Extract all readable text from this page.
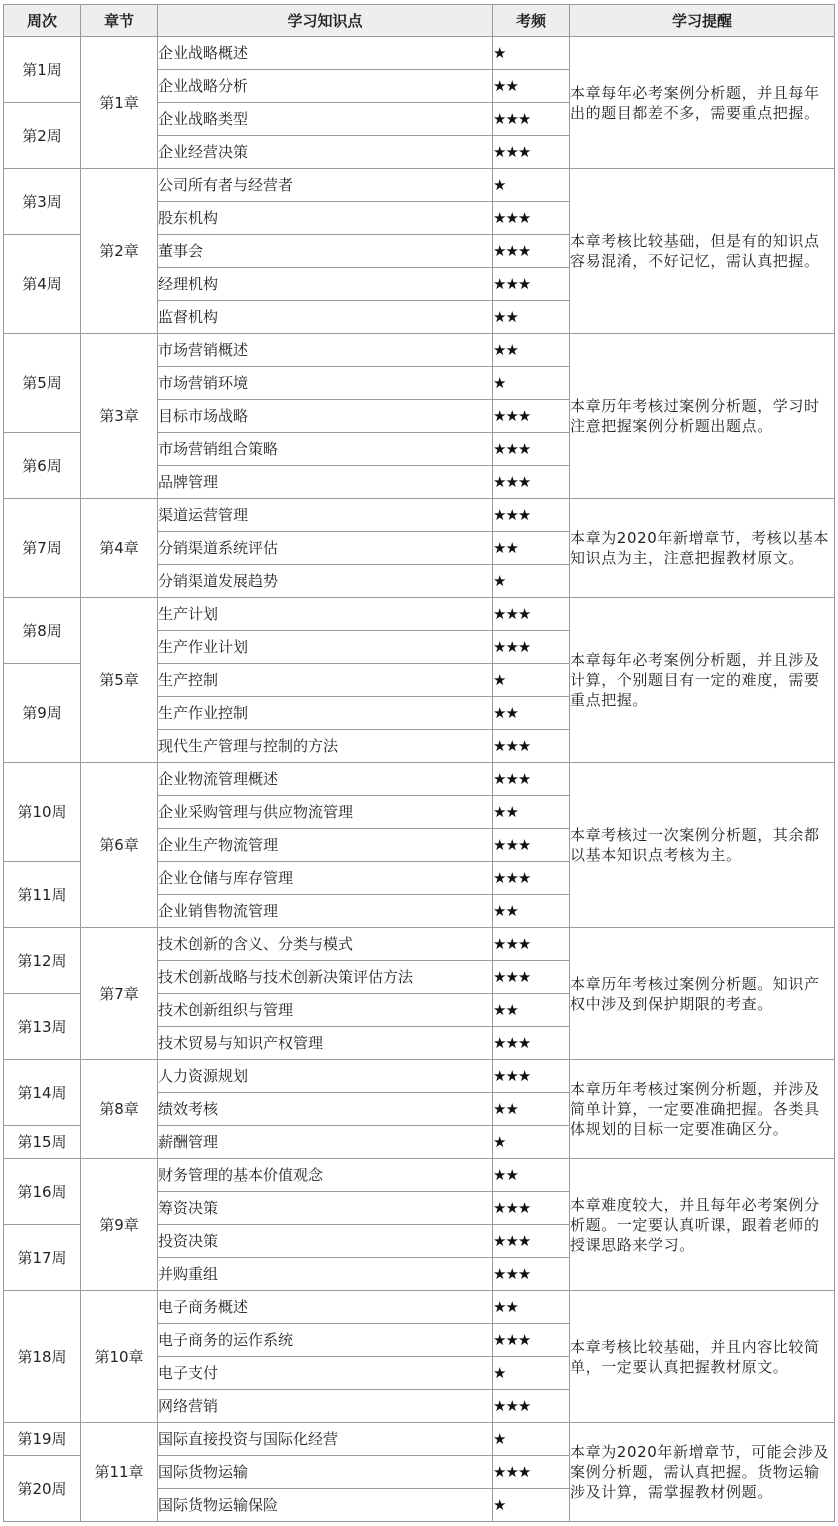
周次	章节	学习知识点	考频	学习提醒
第1周	第1章	企业战略概述	★	本章每年必考案例分析题，并且每年出的题目都差不多，需要重点把握。
		企业战略分析	★★	
第2周		企业战略类型	★★★	
		企业经营决策	★★★	
第3周	第2章	公司所有者与经营者	★	本章考核比较基础，但是有的知识点容易混淆，不好记忆，需认真把握。
		股东机构	★★★	
第4周		董事会	★★★	
		经理机构	★★★	
		监督机构	★★	
第5周	第3章	市场营销概述	★★	本章历年考核过案例分析题，学习时注意把握案例分析题出题点。
		市场营销环境	★	
		目标市场战略	★★★	
第6周		市场营销组合策略	★★★	
		品牌管理	★★★	
第7周	第4章	渠道运营管理	★★★	本章为2020年新增章节，考核以基本知识点为主，注意把握教材原文。
		分销渠道系统评估	★★	
		分销渠道发展趋势	★	
第8周	第5章	生产计划	★★★	本章每年必考案例分析题，并且涉及计算，个别题目有一定的难度，需要重点把握。
		生产作业计划	★★★	
第9周		生产控制	★	
		生产作业控制	★★	
		现代生产管理与控制的方法	★★★	
第10周	第6章	企业物流管理概述	★★★	本章考核过一次案例分析题，其余都以基本知识点考核为主。
		企业采购管理与供应物流管理	★★	
		企业生产物流管理	★★★	
第11周		企业仓储与库存管理	★★★	
		企业销售物流管理	★★	
第12周	第7章	技术创新的含义、分类与模式	★★★	本章历年考核过案例分析题。知识产权中涉及到保护期限的考查。
		技术创新战略与技术创新决策评估方法	★★★	
第13周		技术创新组织与管理	★★	
		技术贸易与知识产权管理	★★★	
第14周	第8章	人力资源规划	★★★	本章历年考核过案例分析题，并涉及简单计算，一定要准确把握。各类具体规划的目标一定要准确区分。
		绩效考核	★★	
第15周		薪酬管理	★	
第16周	第9章	财务管理的基本价值观念	★★	本章难度较大，并且每年必考案例分析题。一定要认真听课，跟着老师的授课思路来学习。
		筹资决策	★★★	
第17周		投资决策	★★★	
		并购重组	★★★	
第18周	第10章	电子商务概述	★★	本章考核比较基础，并且内容比较简单，一定要认真把握教材原文。
		电子商务的运作系统	★★★	
		电子支付	★	
		网络营销	★★★	
第19周	第11章	国际直接投资与国际化经营	★	本章为2020年新增章节，可能会涉及案例分析题，需认真把握。货物运输涉及计算，需掌握教材例题。
第20周		国际货物运输	★★★	
		国际货物运输保险	★	
